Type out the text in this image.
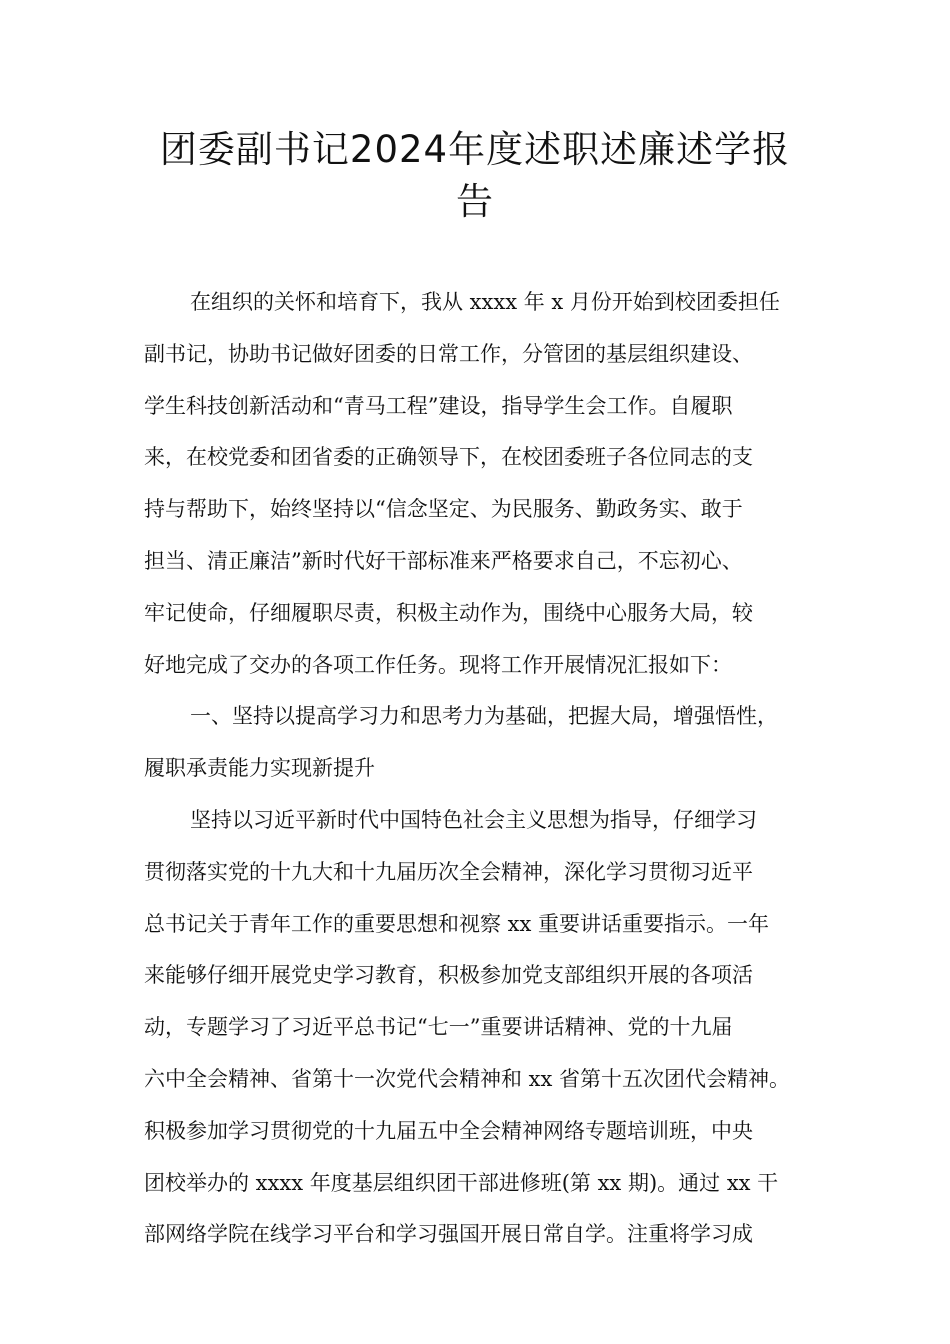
团委副书记2024年度述职述廉述学报
告
在组织的关怀和培育下，我从 xxxx 年 x 月份开始到校团委担任
副书记，协助书记做好团委的日常工作，分管团的基层组织建设、
学生科技创新活动和“青马工程”建设，指导学生会工作。自履职
来，在校党委和团省委的正确领导下，在校团委班子各位同志的支
持与帮助下，始终坚持以“信念坚定、为民服务、勤政务实、敢于
担当、清正廉洁”新时代好干部标准来严格要求自己，不忘初心、
牢记使命，仔细履职尽责，积极主动作为，围绕中心服务大局，较
好地完成了交办的各项工作任务。现将工作开展情况汇报如下：
一、坚持以提高学习力和思考力为基础，把握大局，增强悟性，
履职承责能力实现新提升
坚持以习近平新时代中国特色社会主义思想为指导，仔细学习
贯彻落实党的十九大和十九届历次全会精神，深化学习贯彻习近平
总书记关于青年工作的重要思想和视察 xx 重要讲话重要指示。一年
来能够仔细开展党史学习教育，积极参加党支部组织开展的各项活
动，专题学习了习近平总书记“七一”重要讲话精神、党的十九届
六中全会精神、省第十一次党代会精神和 xx 省第十五次团代会精神。
积极参加学习贯彻党的十九届五中全会精神网络专题培训班，中央
团校举办的 xxxx 年度基层组织团干部进修班(第 xx 期)。通过 xx 干
部网络学院在线学习平台和学习强国开展日常自学。注重将学习成
